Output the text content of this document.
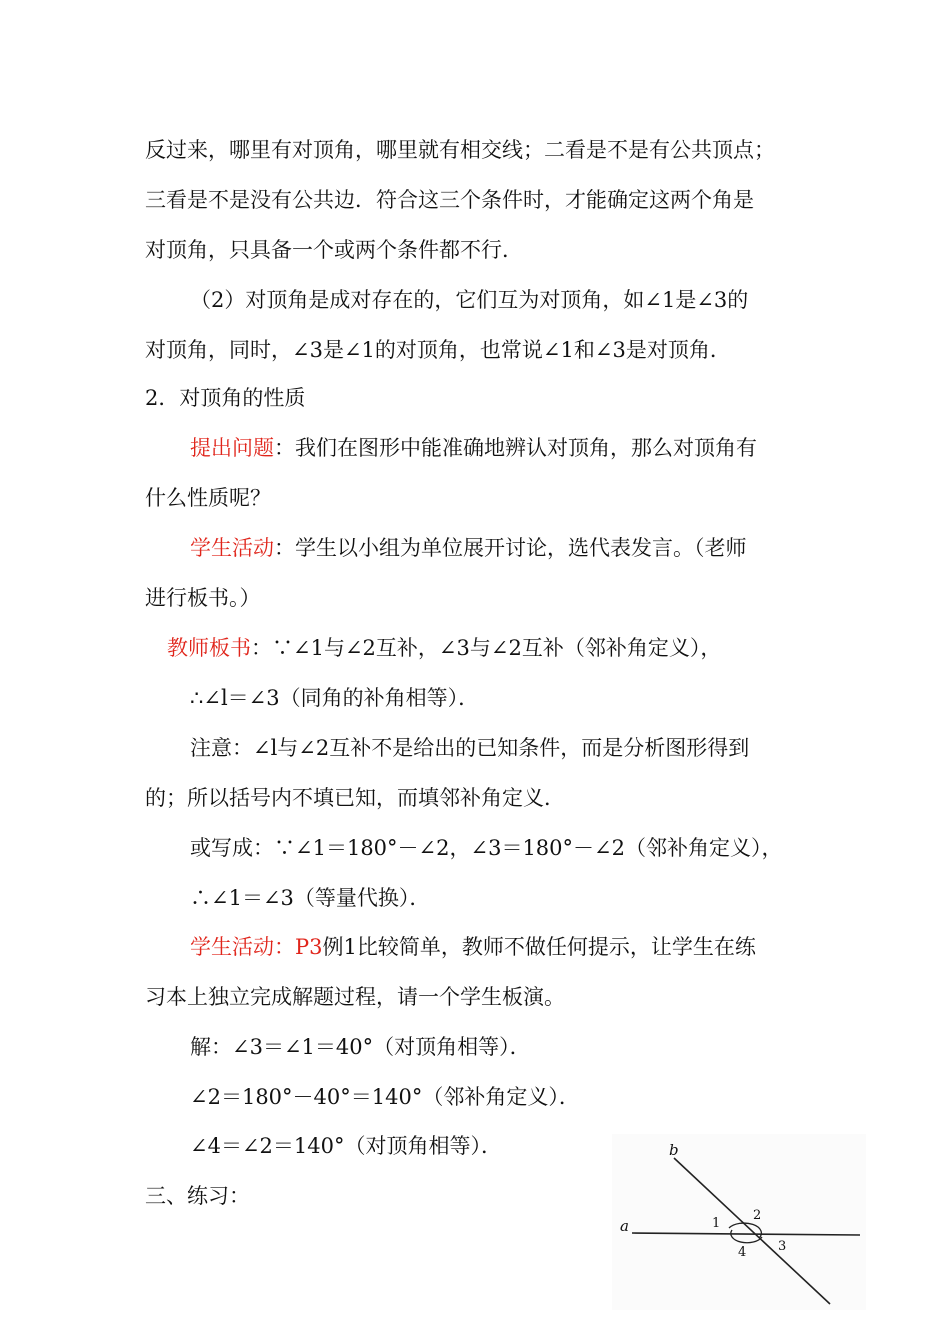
反过来，哪里有对顶角，哪里就有相交线；二看是不是有公共顶点；
三看是不是没有公共边．符合这三个条件时，才能确定这两个角是
对顶角，只具备一个或两个条件都不行．
（2）对顶角是成对存在的，它们互为对顶角，如∠1是∠3的
对顶角，同时，∠3是∠1的对顶角，也常说∠1和∠3是对顶角．
2．对顶角的性质
提出问题：我们在图形中能准确地辨认对顶角，那么对顶角有
什么性质呢？
学生活动：学生以小组为单位展开讨论，选代表发言。（老师
进行板书。）
教师板书：∵∠1与∠2互补，∠3与∠2互补（邻补角定义），
∴∠l＝∠3（同角的补角相等）．
注意：∠l与∠2互补不是给出的已知条件，而是分析图形得到
的；所以括号内不填已知，而填邻补角定义．
或写成：∵∠1＝180°－∠2，∠3＝180°－∠2（邻补角定义），
∴∠1＝∠3（等量代换）．
学生活动：P3例1比较简单，教师不做任何提示，让学生在练
习本上独立完成解题过程，请一个学生板演。
解：∠3＝∠1＝40°（对顶角相等）．
∠2＝180°－40°＝140°（邻补角定义）．
∠4＝∠2＝140°（对顶角相等）．
三、练习：
a
b
1
2
3
4
